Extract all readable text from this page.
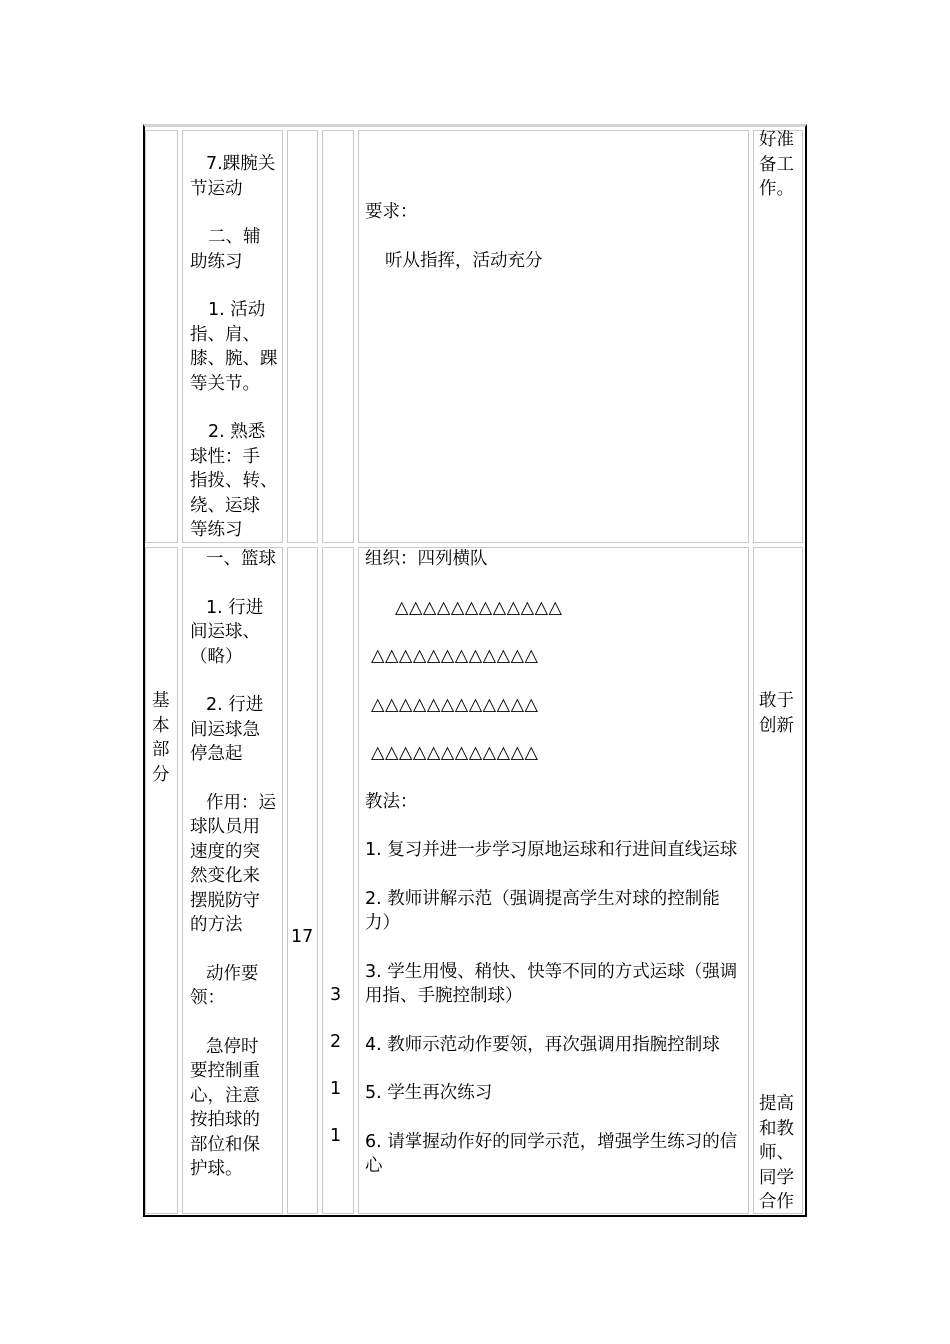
7.踝腕关
节运动
二、辅
助练习
1. 活动
指、肩、
膝、腕、踝
等关节。
2. 熟悉
球性：手
指拨、转、
绕、运球
等练习
要求：
听从指挥，活动充分
好准
备工
作。
基
本
部
分
一、篮球
1. 行进
间运球、
（略）
2. 行进
间运球急
停急起
作用：运
球队员用
速度的突
然变化来
摆脱防守
的方法
动作要
领：
急停时
要控制重
心，注意
按拍球的
部位和保
护球。
17
3
2
1
1
组织：四列横队
△△△△△△△△△△△△
△△△△△△△△△△△△
△△△△△△△△△△△△
△△△△△△△△△△△△
教法：
1. 复习并进一步学习原地运球和行进间直线运球
2. 教师讲解示范（强调提高学生对球的控制能力）
3. 学生用慢、稍快、快等不同的方式运球（强调用指、手腕控制球）
4. 教师示范动作要领，再次强调用指腕控制球
5. 学生再次练习
6. 请掌握动作好的同学示范，增强学生练习的信心
敢于
创新
提高
和教
师、
同学
合作
